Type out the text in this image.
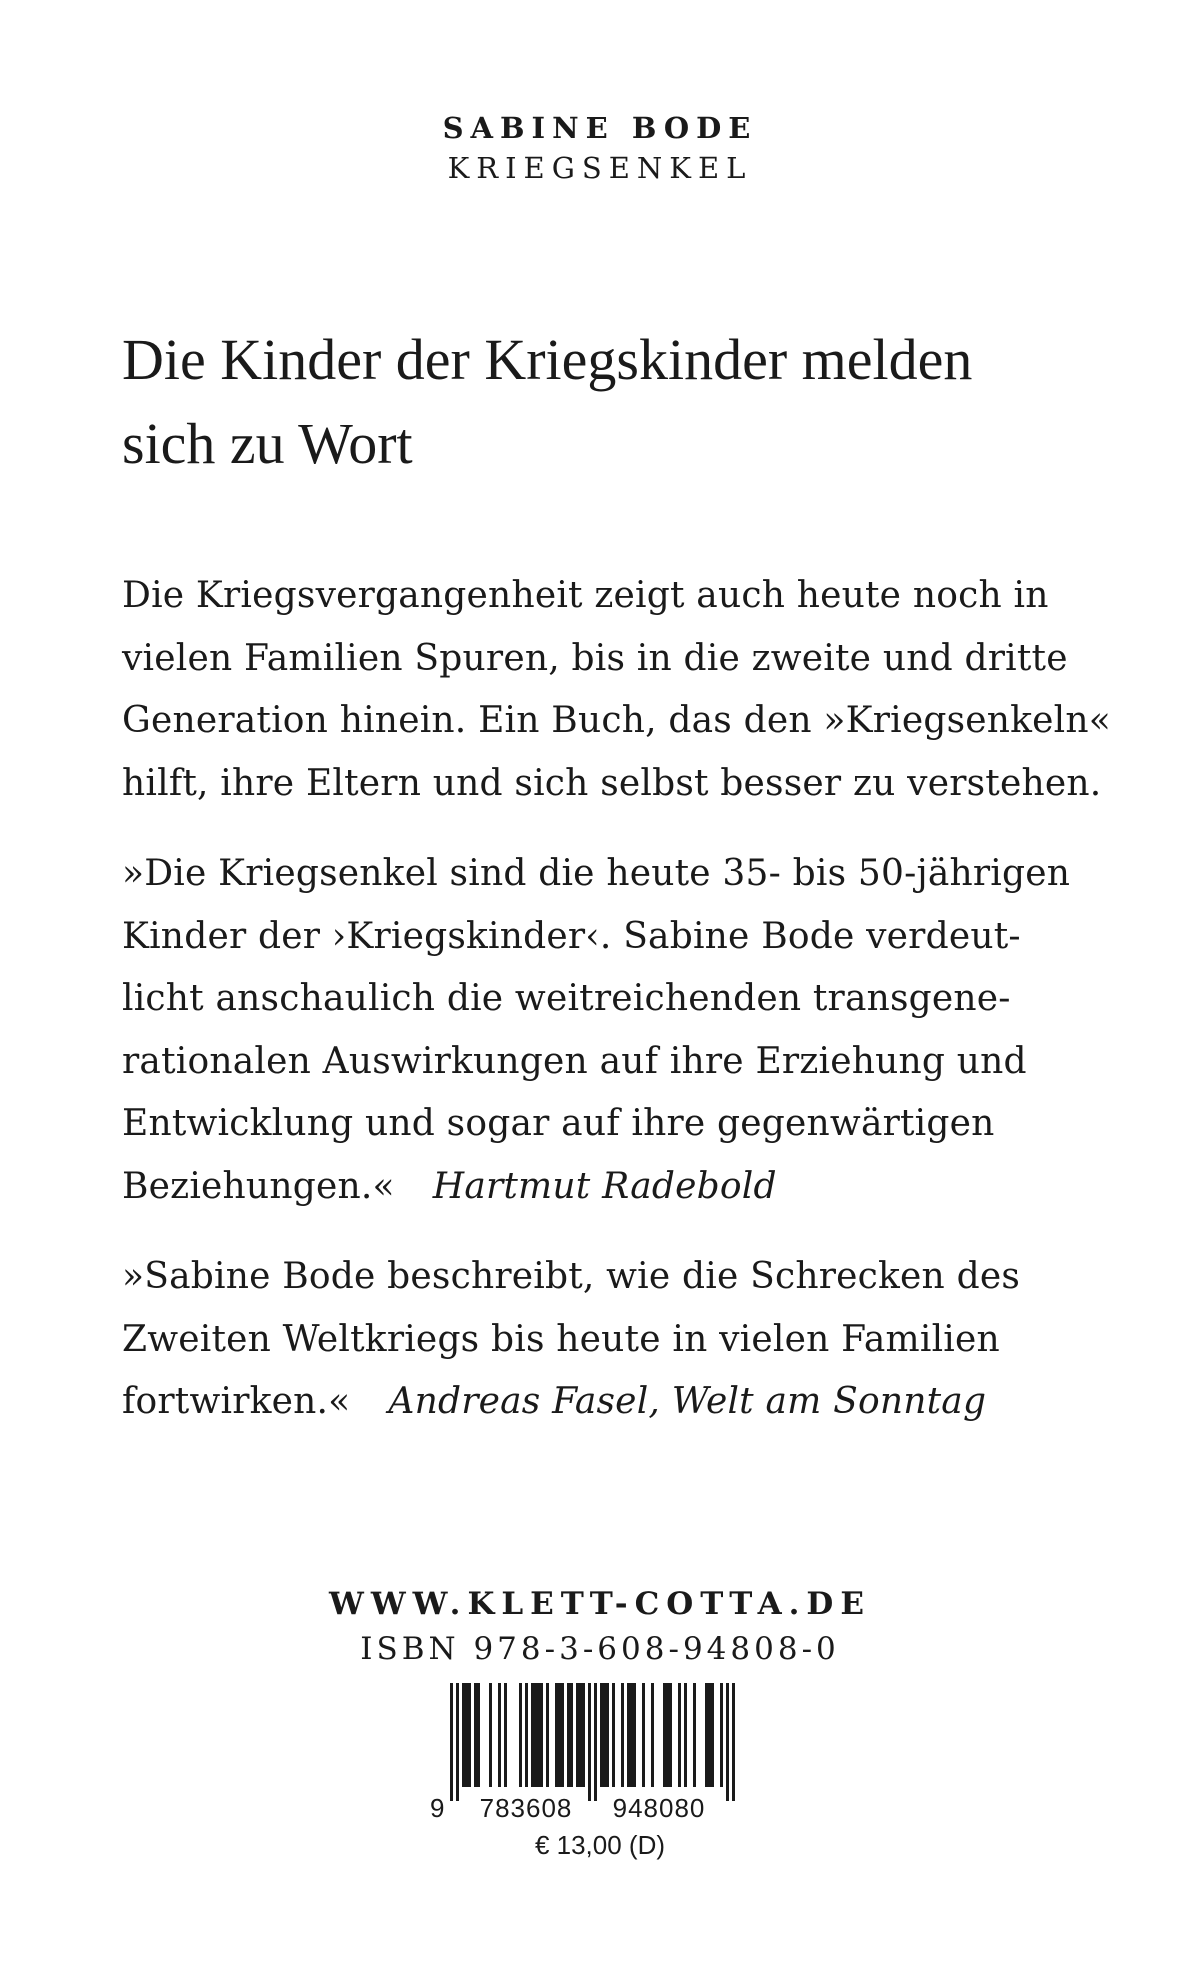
SABINE BODE
KRIEGSENKEL
Die Kinder der Kriegskinder melden
sich zu Wort

Die Kriegsvergangenheit zeigt auch heute noch in
vielen Familien Spuren, bis in die zweite und dritte
Generation hinein. Ein Buch, das den »Kriegsenkeln«
hilft, ihre Eltern und sich selbst besser zu verstehen.

»Die Kriegsenkel sind die heute 35- bis 50-jährigen
Kinder der ›Kriegskinder‹. Sabine Bode verdeut-
licht anschaulich die weitreichenden transgene-
rationalen Auswirkungen auf ihre Erziehung und
Entwicklung und sogar auf ihre gegenwärtigen
Beziehungen.« Hartmut Radebold

»Sabine Bode beschreibt, wie die Schrecken des
Zweiten Weltkriegs bis heute in vielen Familien
fortwirken.« Andreas Fasel, Welt am Sonntag

WWW.KLETT-COTTA.DE
ISBN 978-3-608-94808-0
9 783608 948080
€ 13,00 (D)
